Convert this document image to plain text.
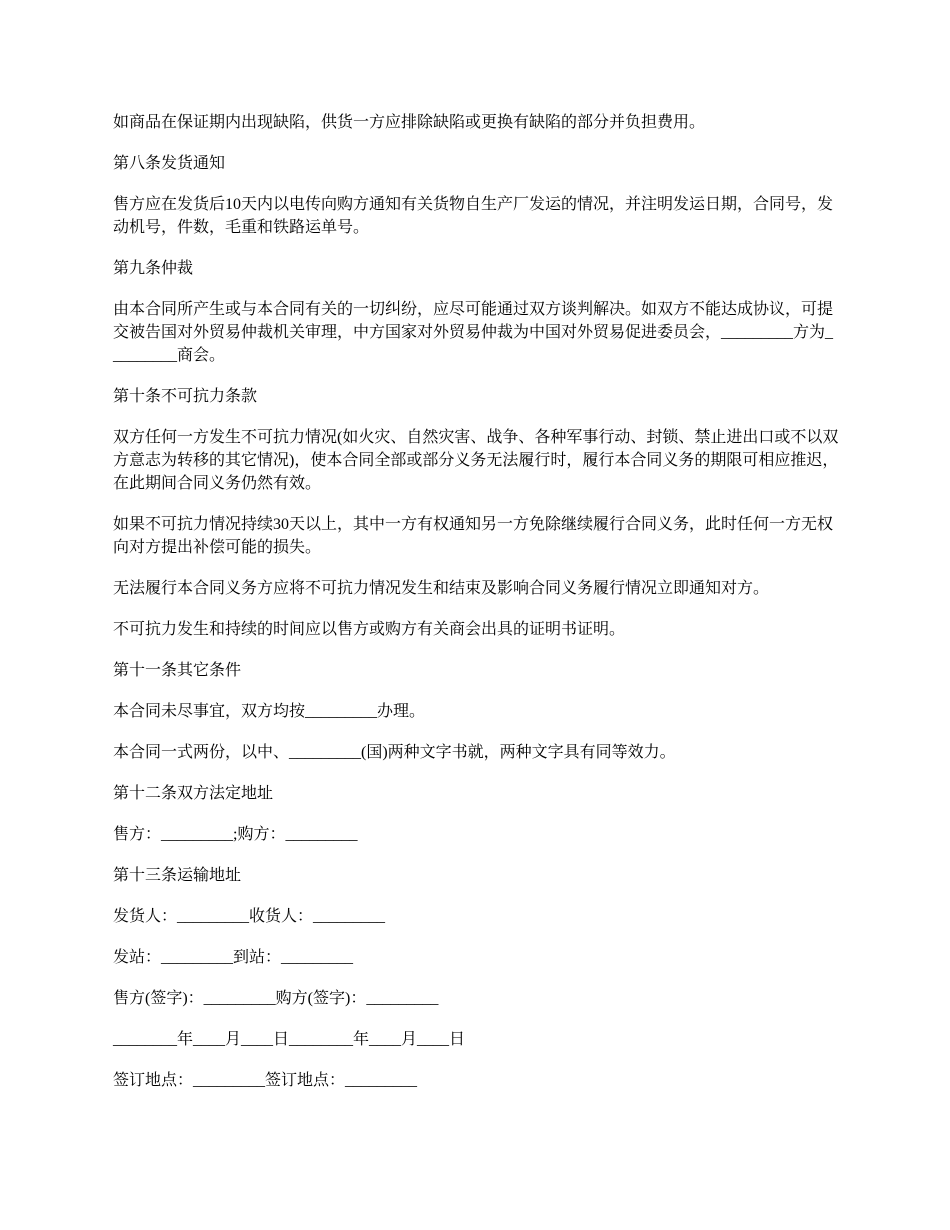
如商品在保证期内出现缺陷，供货一方应排除缺陷或更换有缺陷的部分并负担费用。

第八条发货通知

售方应在发货后10天内以电传向购方通知有关货物自生产厂发运的情况，并注明发运日期，合同号，发动机号，件数，毛重和铁路运单号。

第九条仲裁

由本合同所产生或与本合同有关的一切纠纷，应尽可能通过双方谈判解决。如双方不能达成协议，可提交被告国对外贸易仲裁机关审理，中方国家对外贸易仲裁为中国对外贸易促进委员会，_________方为_________商会。

第十条不可抗力条款

双方任何一方发生不可抗力情况(如火灾、自然灾害、战争、各种军事行动、封锁、禁止进出口或不以双方意志为转移的其它情况)，使本合同全部或部分义务无法履行时，履行本合同义务的期限可相应推迟，在此期间合同义务仍然有效。

如果不可抗力情况持续30天以上，其中一方有权通知另一方免除继续履行合同义务，此时任何一方无权向对方提出补偿可能的损失。

无法履行本合同义务方应将不可抗力情况发生和结束及影响合同义务履行情况立即通知对方。

不可抗力发生和持续的时间应以售方或购方有关商会出具的证明书证明。

第十一条其它条件

本合同未尽事宜，双方均按_________办理。

本合同一式两份，以中、_________(国)两种文字书就，两种文字具有同等效力。

第十二条双方法定地址

售方：_________;购方：_________

第十三条运输地址

发货人：_________收货人：_________

发站：_________到站：_________

售方(签字)：_________购方(签字)：_________

________年____月____日________年____月____日

签订地点：_________签订地点：_________
